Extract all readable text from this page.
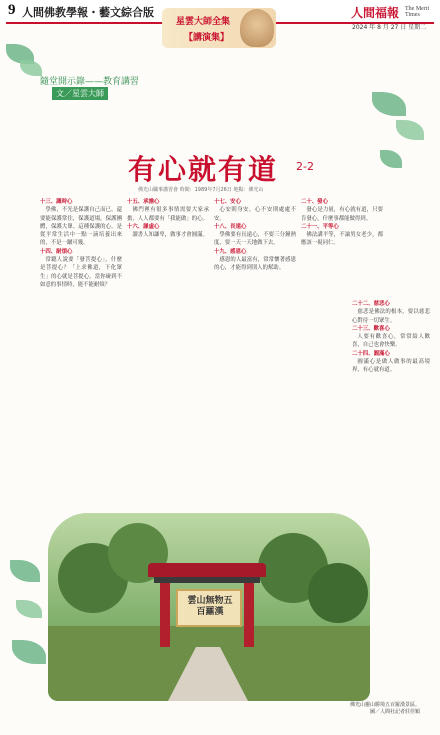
9 人間佛教學報・藝文綜合版	人間福報 The Merit Times
2024 年 8 月 27 日 星期二
星雲大師全集
【講演集】
隨堂開示錄——教育講習
文／星雲大師
有心就有道 2-2
佛光山職事講習會 時間：1989年7月26日 地點：佛光山
十三、識時心

學佛，不光是保護自己而已，還要能保護常住，保護道場，保護團體，保護大眾。這種保護的心，是從平常生活中一點一滴培養出來的，不是一蹴可幾。

十四、耐煩心

常聽人說要「發菩提心」，什麼是菩提心？「上求佛道，下化眾生」的心就是菩提心。當你碰到不如意的事情時，能不能耐煩？

十五、承擔心

佛門裡有很多事情需要大家承擔，人人都要有「我能做」的心。

十六、謙虛心

讀書人知謙卑，做事才會圓滿。

十七、安心

心安則身安，心不安則處處不安。

十八、長遠心

學佛要有長遠心，不要三分鐘熱度，要一天一天地做下去。

十九、感恩心

感恩的人最富有，常常懷著感恩的心，才能得到別人的幫助。

二十、發心

發心是力量，有心就有道，只要肯發心，什麼事都能做得到。

二十一、平等心

佛法講平等，不論男女老少，都應該一視同仁。

二十二、慈悲心

慈悲是佛法的根本，要以慈悲心對待一切眾生。

二十三、歡喜心

人要有歡喜心，常常給人歡喜，自己也會快樂。

二十四、圓滿心

圓滿心是做人做事的最高境界，有心就有道。

雲山無物五百羅漢
佛光山靈山勝境五百羅漢景區。
圖／人間社記者莊佳穎
